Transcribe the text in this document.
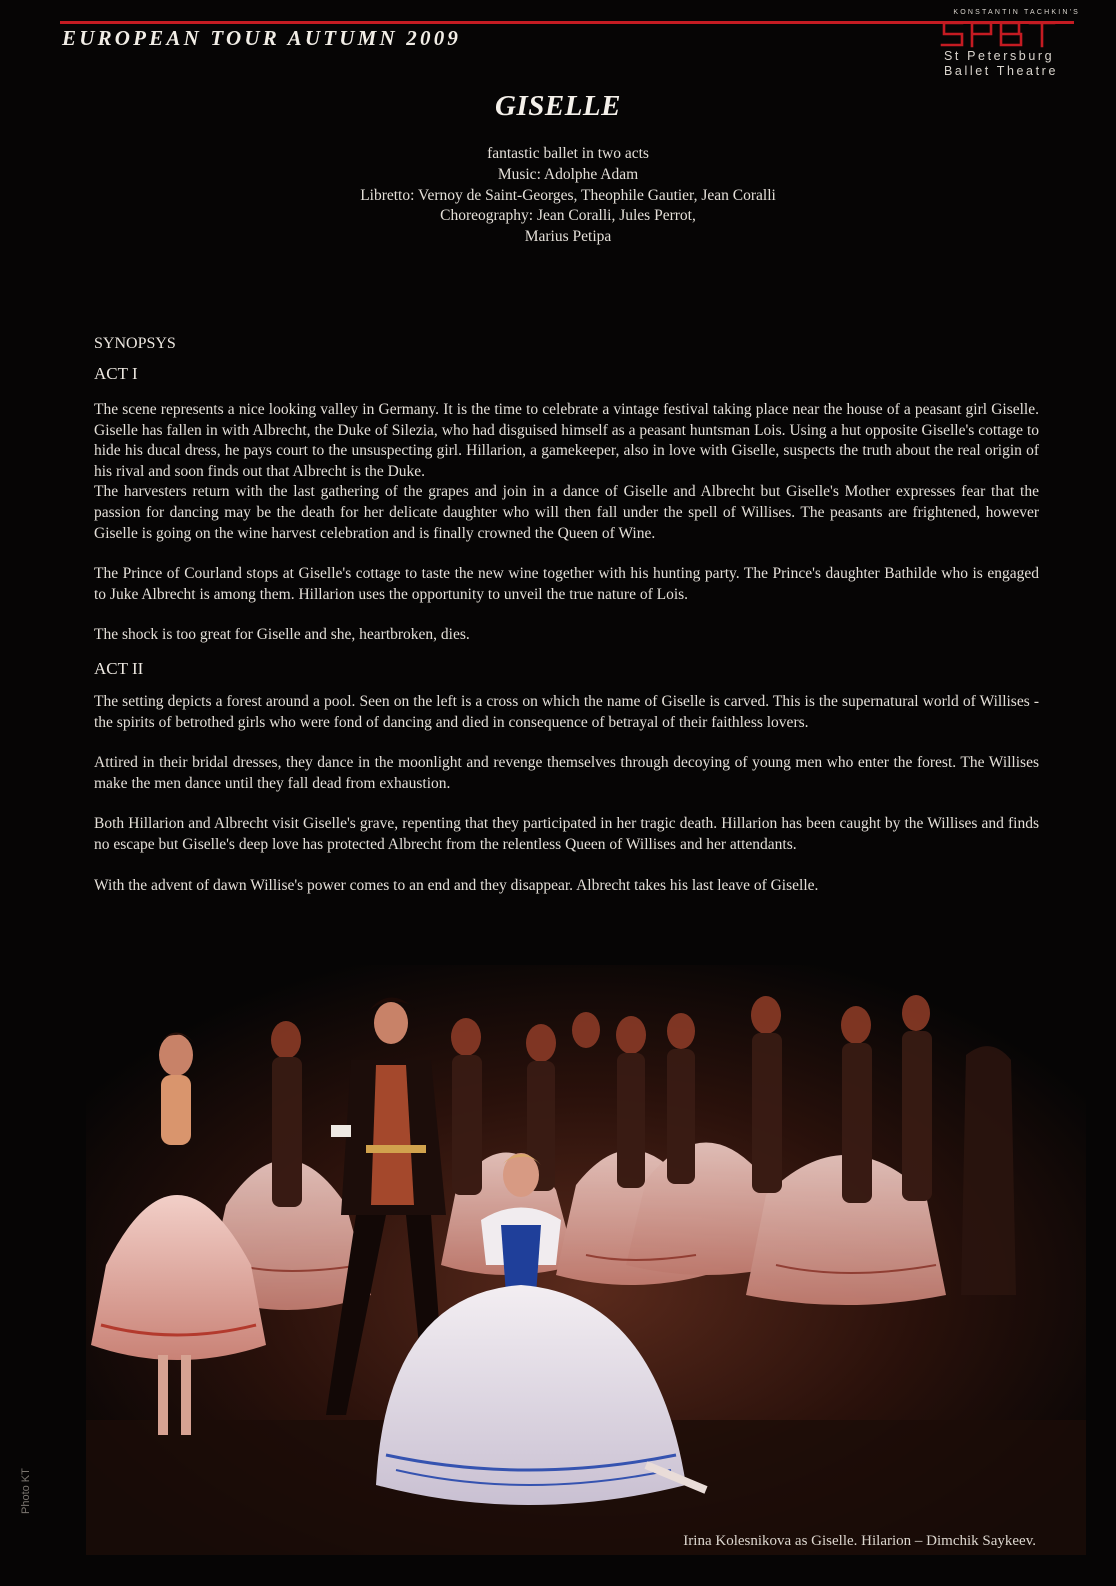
EUROPEAN TOUR AUTUMN 2009
KONSTANTIN TACHKIN'S
St Petersburg
Ballet Theatre
GISELLE

fantastic ballet in two acts

Music: Adolphe Adam

Libretto: Vernoy de Saint-Georges, Theophile Gautier, Jean Coralli

Choreography: Jean Coralli, Jules Perrot,

Marius Petipa

SYNOPSYS

ACT I

The scene represents a nice looking valley in Germany. It is the time to celebrate a vintage festival taking place near the house of a peasant girl Giselle. Giselle has fallen in with Albrecht, the Duke of Silezia, who had disguised himself as a peasant huntsman Lois. Using a hut opposite Giselle's cottage to hide his ducal dress, he pays court to the unsuspecting girl. Hillarion, a gamekeeper, also in love with Giselle, suspects the truth about the real origin of his rival and soon finds out that Albrecht is the Duke.

The harvesters return with the last gathering of the grapes and join in a dance of Giselle and Albrecht but Giselle's Mother expresses fear that the passion for dancing may be the death for her delicate daughter who will then fall under the spell of Willises. The peasants are frightened, however Giselle is going on the wine harvest celebration and is finally crowned the Queen of Wine.

The Prince of Courland stops at Giselle's cottage to taste the new wine together with his hunting party. The Prince's daughter Bathilde who is engaged to Juke Albrecht is among them. Hillarion uses the opportunity to unveil the true nature of Lois.

The shock is too great for Giselle and she, heartbroken, dies.

ACT II

The setting depicts a forest around a pool. Seen on the left is a cross on which the name of Giselle is carved. This is the supernatural world of Willises - the spirits of betrothed girls who were fond of dancing and died in consequence of betrayal of their faithless lovers.

Attired in their bridal dresses, they dance in the moonlight and revenge themselves through decoying of young men who enter the forest. The Willises make the men dance until they fall dead from exhaustion.

Both Hillarion and Albrecht visit Giselle's grave, repenting that they participated in her tragic death. Hillarion has been caught by the Willises and finds no escape but Giselle's deep love has protected Albrecht from the relentless Queen of Willises and her attendants.

With the advent of dawn Willise's power comes to an end and they disappear. Albrecht takes his last leave of Giselle.

Irina Kolesnikova as Giselle. Hilarion – Dimchik Saykeev.

Photo KT
